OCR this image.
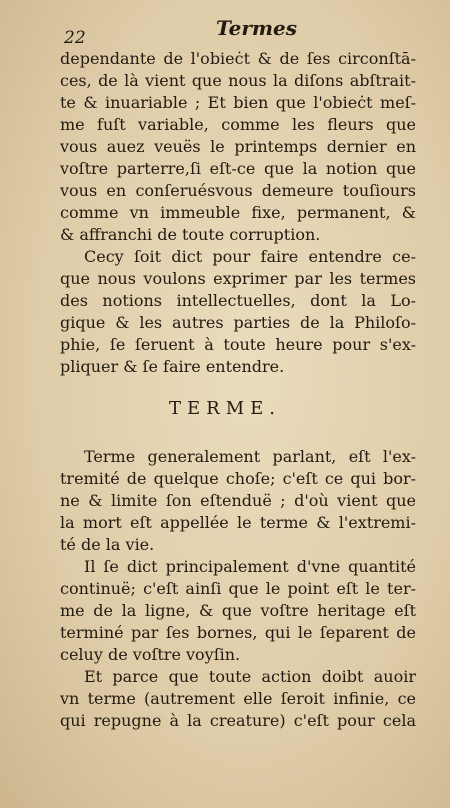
22	Termes
dependante de l'obieċt & de ſes circonſtā-
ces, de là vient que nous la diſons abſtrait-
te & inuariable ; Et bien que l'obieċt meſ-
me fuſt variable, comme les fleurs que
vous auez veuës le printemps dernier en
voſtre parterre,ſi eſt-ce que la notion que
vous en conſeruésvous demeure touſiours
comme vn immeuble fixe, permanent, &
& affranchi de toute corruption.
Cecy ſoit dict pour faire entendre ce-
que nous voulons exprimer par les termes
des notions intellectuelles, dont la Lo-
gique & les autres parties de la Philoſo-
phie, ſe ſeruent à toute heure pour s'ex-
pliquer & ſe faire entendre.
TERME.
Terme generalement parlant, eſt l'ex-
tremité de quelque choſe; c'eſt ce qui bor-
ne & limite ſon eſtenduë ; d'où vient que
la mort eſt appellée le terme & l'extremi-
té de la vie.
Il ſe dict principalement d'vne quantité
continuë; c'eſt ainſi que le point eſt le ter-
me de la ligne, & que voſtre heritage eſt
terminé par ſes bornes, qui le ſeparent de
celuy de voſtre voyſin.
Et parce que toute action doibt auoir
vn terme (autrement elle ſeroit infinie, ce
qui repugne à la creature) c'eſt pour cela
